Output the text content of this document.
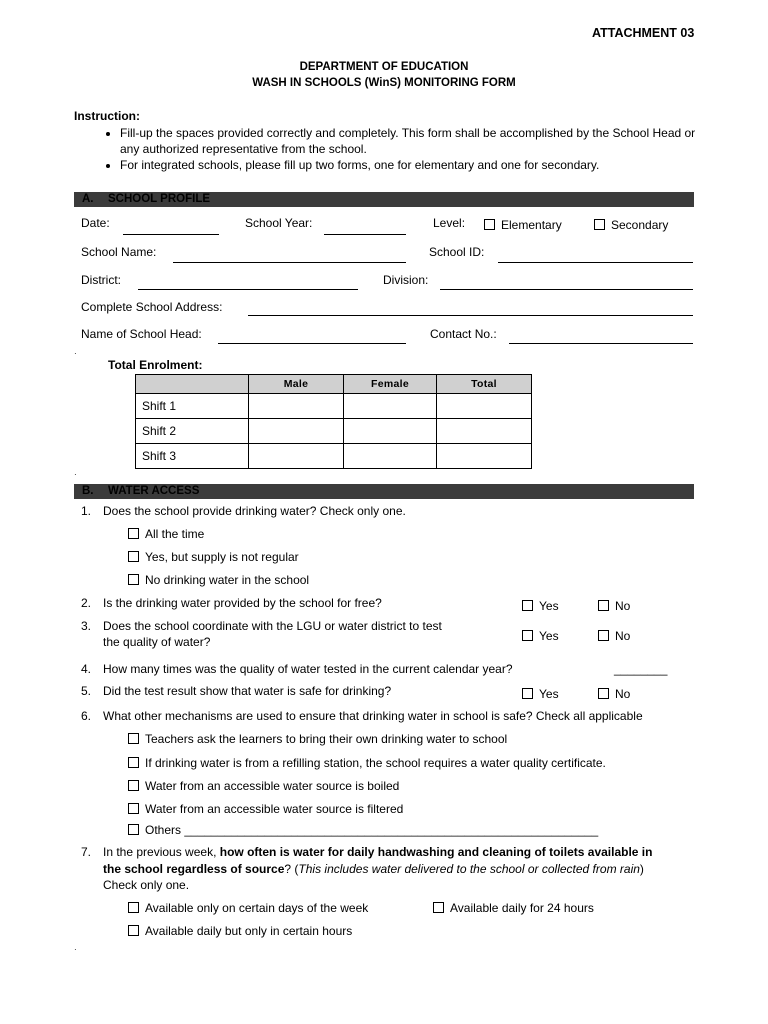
ATTACHMENT 03
DEPARTMENT OF EDUCATION
WASH IN SCHOOLS (WinS) MONITORING FORM
Instruction:
• Fill-up the spaces provided correctly and completely. This form shall be accomplished by the School Head or any authorized representative from the school.
• For integrated schools, please fill up two forms, one for elementary and one for secondary.
A. SCHOOL PROFILE
Date:	School Year:	Level:	Elementary	Secondary
School Name:	School ID:
District:	Division:
Complete School Address:
Name of School Head:	Contact No.:
·
Total Enrolment:
	Male	Female	Total
Shift 1			
Shift 2			
Shift 3			
·
B. WATER ACCESS
1. Does the school provide drinking water? Check only one.
All the time
Yes, but supply is not regular
No drinking water in the school
2. Is the drinking water provided by the school for free?	Yes	No
3. Does the school coordinate with the LGU or water district to test
the quality of water?	Yes	No
4. How many times was the quality of water tested in the current calendar year?	________
5. Did the test result show that water is safe for drinking?	Yes	No
6. What other mechanisms are used to ensure that drinking water in school is safe? Check all applicable
Teachers ask the learners to bring their own drinking water to school
If drinking water is from a refilling station, the school requires a water quality certificate.
Water from an accessible water source is boiled
Water from an accessible water source is filtered
Others ______________________________________________________________
7. In the previous week, how often is water for daily handwashing and cleaning of toilets available in
the school regardless of source? (This includes water delivered to the school or collected from rain)
Check only one.
Available only on certain days of the week	Available daily for 24 hours
Available daily but only in certain hours
·
